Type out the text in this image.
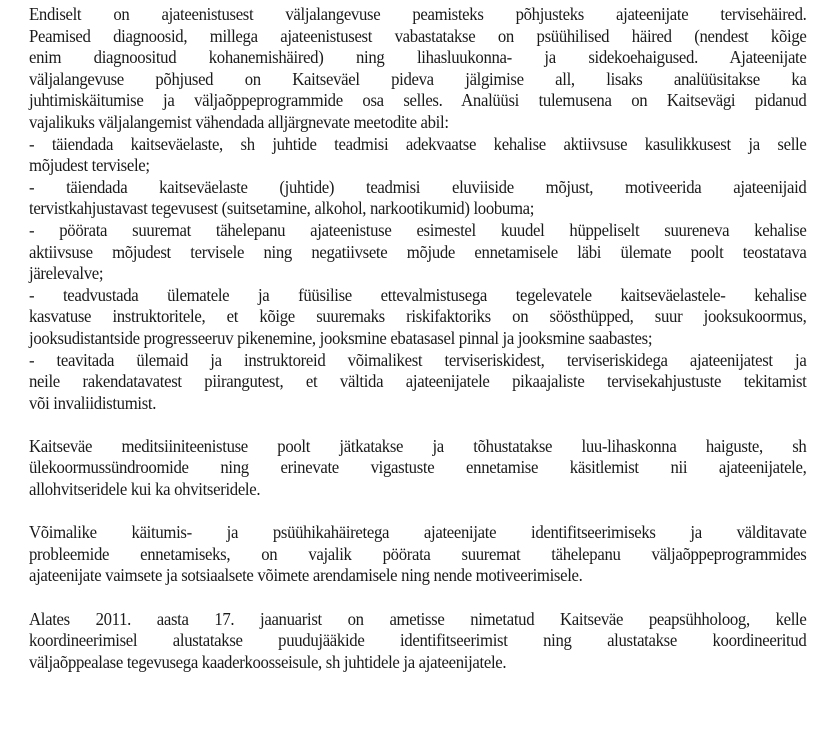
Endiselt on ajateenistusest väljalangevuse peamisteks põhjusteks ajateenijate tervisehäired.
Peamised diagnoosid, millega ajateenistusest vabastatakse on psüühilised häired (nendest kõige
enim diagnoositud kohanemishäired) ning lihasluukonna- ja sidekoehaigused. Ajateenijate
väljalangevuse põhjused on Kaitseväel pideva jälgimise all, lisaks analüüsitakse ka
juhtimiskäitumise ja väljaõppeprogrammide osa selles. Analüüsi tulemusena on Kaitsevägi pidanud
vajalikuks väljalangemist vähendada alljärgnevate meetodite abil:
- täiendada kaitseväelaste, sh juhtide teadmisi adekvaatse kehalise aktiivsuse kasulikkusest ja selle
mõjudest tervisele;
- täiendada kaitseväelaste (juhtide) teadmisi eluviiside mõjust, motiveerida ajateenijaid
tervistkahjustavast tegevusest (suitsetamine, alkohol, narkootikumid) loobuma;
- pöörata suuremat tähelepanu ajateenistuse esimestel kuudel hüppeliselt suureneva kehalise
aktiivsuse mõjudest tervisele ning negatiivsete mõjude ennetamisele läbi ülemate poolt teostatava
järelevalve;
- teadvustada ülematele ja füüsilise ettevalmistusega tegelevatele kaitseväelastele- kehalise
kasvatuse instruktoritele, et kõige suuremaks riskifaktoriks on söösthüpped, suur jooksukoormus,
jooksudistantside progresseeruv pikenemine, jooksmine ebatasasel pinnal ja jooksmine saabastes;
- teavitada ülemaid ja instruktoreid võimalikest terviseriskidest, terviseriskidega ajateenijatest ja
neile rakendatavatest piirangutest, et vältida ajateenijatele pikaajaliste tervisekahjustuste tekitamist
või invaliidistumist.
Kaitseväe meditsiiniteenistuse poolt jätkatakse ja tõhustatakse luu-lihaskonna haiguste, sh
ülekoormussündroomide ning erinevate vigastuste ennetamise käsitlemist nii ajateenijatele,
allohvitseridele kui ka ohvitseridele.
Võimalike käitumis- ja psüühikahäiretega ajateenijate identifitseerimiseks ja välditavate
probleemide ennetamiseks, on vajalik pöörata suuremat tähelepanu väljaõppeprogrammides
ajateenijate vaimsete ja sotsiaalsete võimete arendamisele ning nende motiveerimisele.
Alates 2011. aasta 17. jaanuarist on ametisse nimetatud Kaitseväe peapsühholoog, kelle
koordineerimisel alustatakse puudujääkide identifitseerimist ning alustatakse koordineeritud
väljaõppealase tegevusega kaaderkoosseisule, sh juhtidele ja ajateenijatele.
